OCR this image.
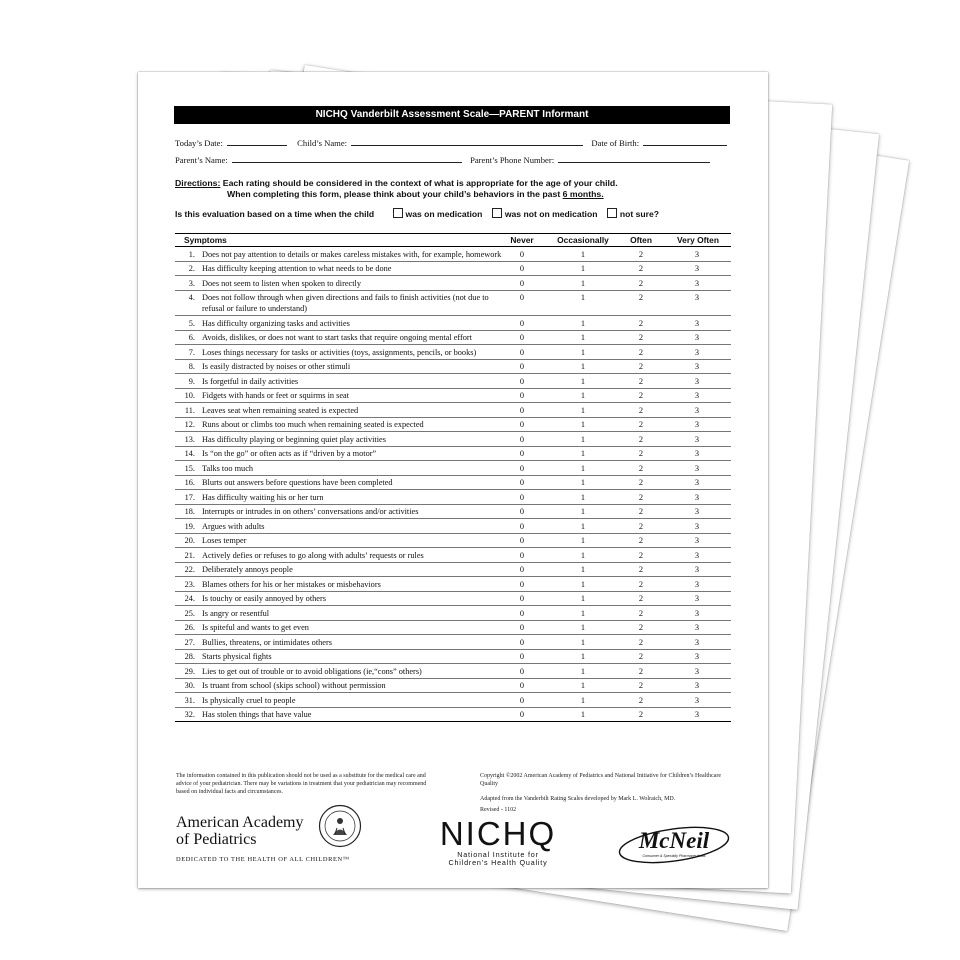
NICHQ Vanderbilt Assessment Scale—PARENT Informant
Today’s Date:	Child’s Name:	Date of Birth:
Parent’s Name:	Parent’s Phone Number:
Directions: Each rating should be considered in the context of what is appropriate for the age of your child.
When completing this form, please think about your child’s behaviors in the past 6 months.
Is this evaluation based on a time when the child	was on medication	was not on medication	not sure?
Symptoms	Never	Occasionally	Often	Very Often
1. Does not pay attention to details or makes careless mistakes with, for example, homework	0	1	2	3
2. Has difficulty keeping attention to what needs to be done	0	1	2	3
3. Does not seem to listen when spoken to directly	0	1	2	3
4. Does not follow through when given directions and fails to finish activities (not due to refusal or failure to understand)
0	1	2	3
5. Has difficulty organizing tasks and activities	0	1	2	3
6. Avoids, dislikes, or does not want to start tasks that require ongoing mental effort	0	1	2	3
7. Loses things necessary for tasks or activities (toys, assignments, pencils, or books)	0	1	2	3
8. Is easily distracted by noises or other stimuli	0	1	2	3
9. Is forgetful in daily activities	0	1	2	3
10. Fidgets with hands or feet or squirms in seat	0	1	2	3
11. Leaves seat when remaining seated is expected	0	1	2	3
12. Runs about or climbs too much when remaining seated is expected	0	1	2	3
13. Has difficulty playing or beginning quiet play activities	0	1	2	3
14. Is “on the go” or often acts as if “driven by a motor”	0	1	2	3
15. Talks too much	0	1	2	3
16. Blurts out answers before questions have been completed	0	1	2	3
17. Has difficulty waiting his or her turn	0	1	2	3
18. Interrupts or intrudes in on others’ conversations and/or activities	0	1	2	3
19. Argues with adults	0	1	2	3
20. Loses temper	0	1	2	3
21. Actively defies or refuses to go along with adults’ requests or rules	0	1	2	3
22. Deliberately annoys people	0	1	2	3
23. Blames others for his or her mistakes or misbehaviors	0	1	2	3
24. Is touchy or easily annoyed by others	0	1	2	3
25. Is angry or resentful	0	1	2	3
26. Is spiteful and wants to get even	0	1	2	3
27. Bullies, threatens, or intimidates others	0	1	2	3
28. Starts physical fights	0	1	2	3
29. Lies to get out of trouble or to avoid obligations (ie,“cons” others)	0	1	2	3
30. Is truant from school (skips school) without permission	0	1	2	3
31. Is physically cruel to people	0	1	2	3
32. Has stolen things that have value	0	1	2	3
The information contained in this publication should not be used as a substitute for the medical care and advice of your pediatrician. There may be variations in treatment that your pediatrician may recommend based on individual facts and circumstances.
Copyright ©2002 American Academy of Pediatrics and National Initiative for Children’s Healthcare Quality
Adapted from the Vanderbilt Rating Scales developed by Mark L. Wolraich, MD.
Revised - 1102
American Academy
of Pediatrics
DEDICATED TO THE HEALTH OF ALL CHILDREN™
NICHQ
National Institute for
Children’s Health Quality
McNeil
Consumer & Specialty Pharmaceuticals
